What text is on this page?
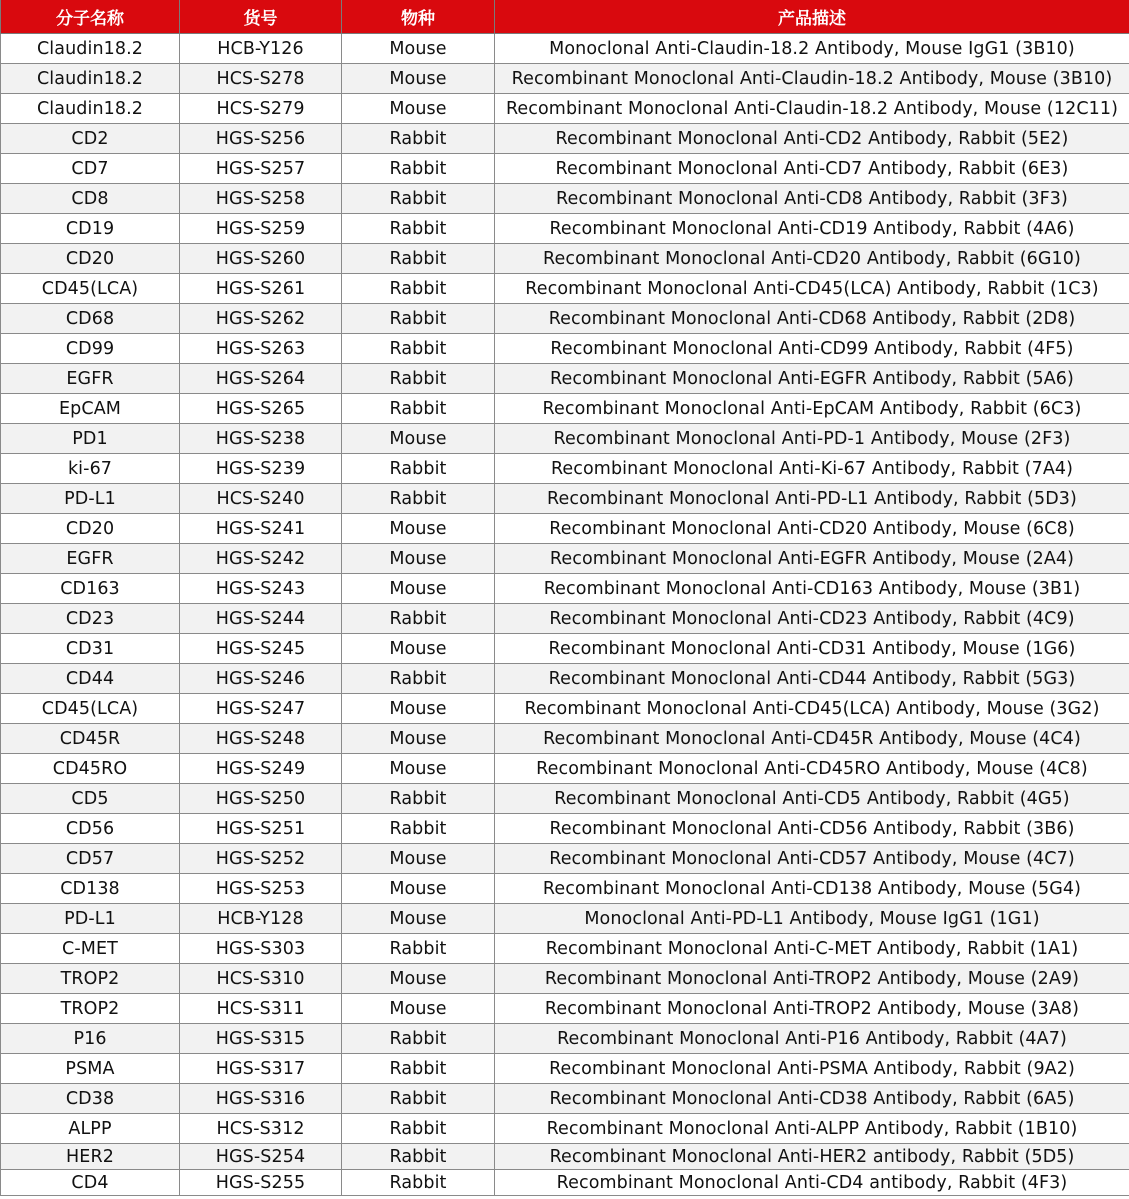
分子名称	货号	物种	产品描述
Claudin18.2	HCB-Y126	Mouse	Monoclonal Anti-Claudin-18.2 Antibody, Mouse IgG1 (3B10)
Claudin18.2	HCS-S278	Mouse	Recombinant Monoclonal Anti-Claudin-18.2 Antibody, Mouse (3B10)
Claudin18.2	HCS-S279	Mouse	Recombinant Monoclonal Anti-Claudin-18.2 Antibody, Mouse (12C11)
CD2	HGS-S256	Rabbit	Recombinant Monoclonal Anti-CD2 Antibody, Rabbit (5E2)
CD7	HGS-S257	Rabbit	Recombinant Monoclonal Anti-CD7 Antibody, Rabbit (6E3)
CD8	HGS-S258	Rabbit	Recombinant Monoclonal Anti-CD8 Antibody, Rabbit (3F3)
CD19	HGS-S259	Rabbit	Recombinant Monoclonal Anti-CD19 Antibody, Rabbit (4A6)
CD20	HGS-S260	Rabbit	Recombinant Monoclonal Anti-CD20 Antibody, Rabbit (6G10)
CD45(LCA)	HGS-S261	Rabbit	Recombinant Monoclonal Anti-CD45(LCA) Antibody, Rabbit (1C3)
CD68	HGS-S262	Rabbit	Recombinant Monoclonal Anti-CD68 Antibody, Rabbit (2D8)
CD99	HGS-S263	Rabbit	Recombinant Monoclonal Anti-CD99 Antibody, Rabbit (4F5)
EGFR	HGS-S264	Rabbit	Recombinant Monoclonal Anti-EGFR Antibody, Rabbit (5A6)
EpCAM	HGS-S265	Rabbit	Recombinant Monoclonal Anti-EpCAM Antibody, Rabbit (6C3)
PD1	HGS-S238	Mouse	Recombinant Monoclonal Anti-PD-1 Antibody, Mouse (2F3)
ki-67	HGS-S239	Rabbit	Recombinant Monoclonal Anti-Ki-67 Antibody, Rabbit (7A4)
PD-L1	HCS-S240	Rabbit	Recombinant Monoclonal Anti-PD-L1 Antibody, Rabbit (5D3)
CD20	HGS-S241	Mouse	Recombinant Monoclonal Anti-CD20 Antibody, Mouse (6C8)
EGFR	HGS-S242	Mouse	Recombinant Monoclonal Anti-EGFR Antibody, Mouse (2A4)
CD163	HGS-S243	Mouse	Recombinant Monoclonal Anti-CD163 Antibody, Mouse (3B1)
CD23	HGS-S244	Rabbit	Recombinant Monoclonal Anti-CD23 Antibody, Rabbit (4C9)
CD31	HGS-S245	Mouse	Recombinant Monoclonal Anti-CD31 Antibody, Mouse (1G6)
CD44	HGS-S246	Rabbit	Recombinant Monoclonal Anti-CD44 Antibody, Rabbit (5G3)
CD45(LCA)	HGS-S247	Mouse	Recombinant Monoclonal Anti-CD45(LCA) Antibody, Mouse (3G2)
CD45R	HGS-S248	Mouse	Recombinant Monoclonal Anti-CD45R Antibody, Mouse (4C4)
CD45RO	HGS-S249	Mouse	Recombinant Monoclonal Anti-CD45RO Antibody, Mouse (4C8)
CD5	HGS-S250	Rabbit	Recombinant Monoclonal Anti-CD5 Antibody, Rabbit (4G5)
CD56	HGS-S251	Rabbit	Recombinant Monoclonal Anti-CD56 Antibody, Rabbit (3B6)
CD57	HGS-S252	Mouse	Recombinant Monoclonal Anti-CD57 Antibody, Mouse (4C7)
CD138	HGS-S253	Mouse	Recombinant Monoclonal Anti-CD138 Antibody, Mouse (5G4)
PD-L1	HCB-Y128	Mouse	Monoclonal Anti-PD-L1 Antibody, Mouse IgG1 (1G1)
C-MET	HGS-S303	Rabbit	Recombinant Monoclonal Anti-C-MET Antibody, Rabbit (1A1)
TROP2	HCS-S310	Mouse	Recombinant Monoclonal Anti-TROP2 Antibody, Mouse (2A9)
TROP2	HCS-S311	Mouse	Recombinant Monoclonal Anti-TROP2 Antibody, Mouse (3A8)
P16	HGS-S315	Rabbit	Recombinant Monoclonal Anti-P16 Antibody, Rabbit (4A7)
PSMA	HGS-S317	Rabbit	Recombinant Monoclonal Anti-PSMA Antibody, Rabbit (9A2)
CD38	HGS-S316	Rabbit	Recombinant Monoclonal Anti-CD38 Antibody, Rabbit (6A5)
ALPP	HCS-S312	Rabbit	Recombinant Monoclonal Anti-ALPP Antibody, Rabbit (1B10)
HER2	HGS-S254	Rabbit	Recombinant Monoclonal Anti-HER2 antibody, Rabbit (5D5)
CD4	HGS-S255	Rabbit	Recombinant Monoclonal Anti-CD4 antibody, Rabbit (4F3)
